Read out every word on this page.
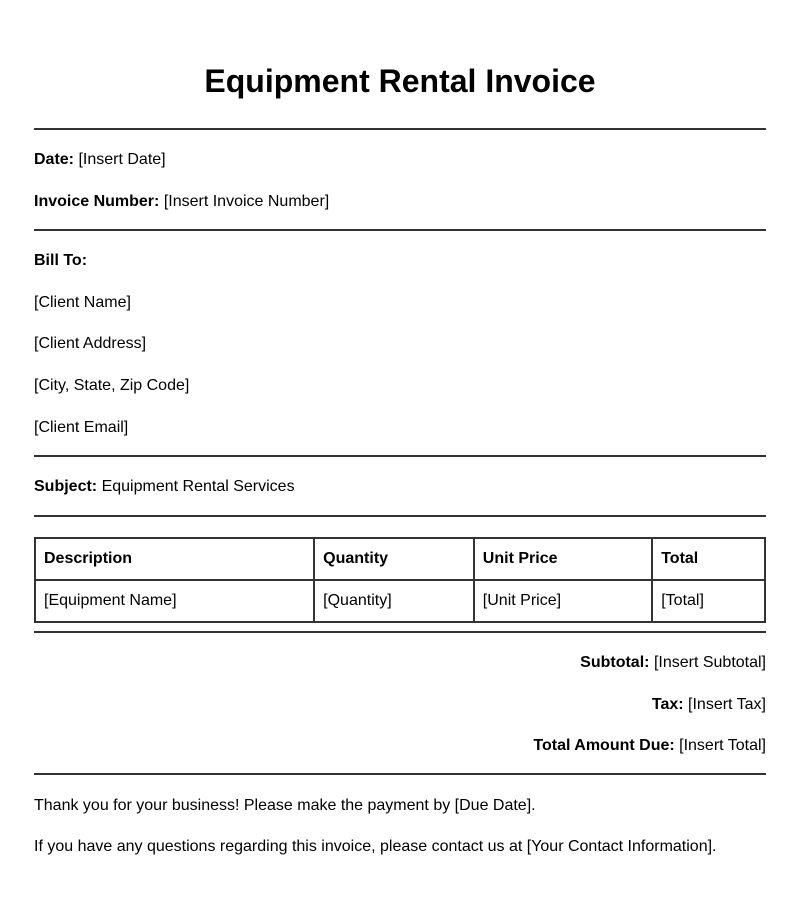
Equipment Rental Invoice
Date: [Insert Date]
Invoice Number: [Insert Invoice Number]
Bill To:
[Client Name]
[Client Address]
[City, State, Zip Code]
[Client Email]
Subject: Equipment Rental Services
Description	Quantity	Unit Price	Total
[Equipment Name]	[Quantity]	[Unit Price]	[Total]
Subtotal: [Insert Subtotal]
Tax: [Insert Tax]
Total Amount Due: [Insert Total]
Thank you for your business! Please make the payment by [Due Date].
If you have any questions regarding this invoice, please contact us at [Your Contact Information].
